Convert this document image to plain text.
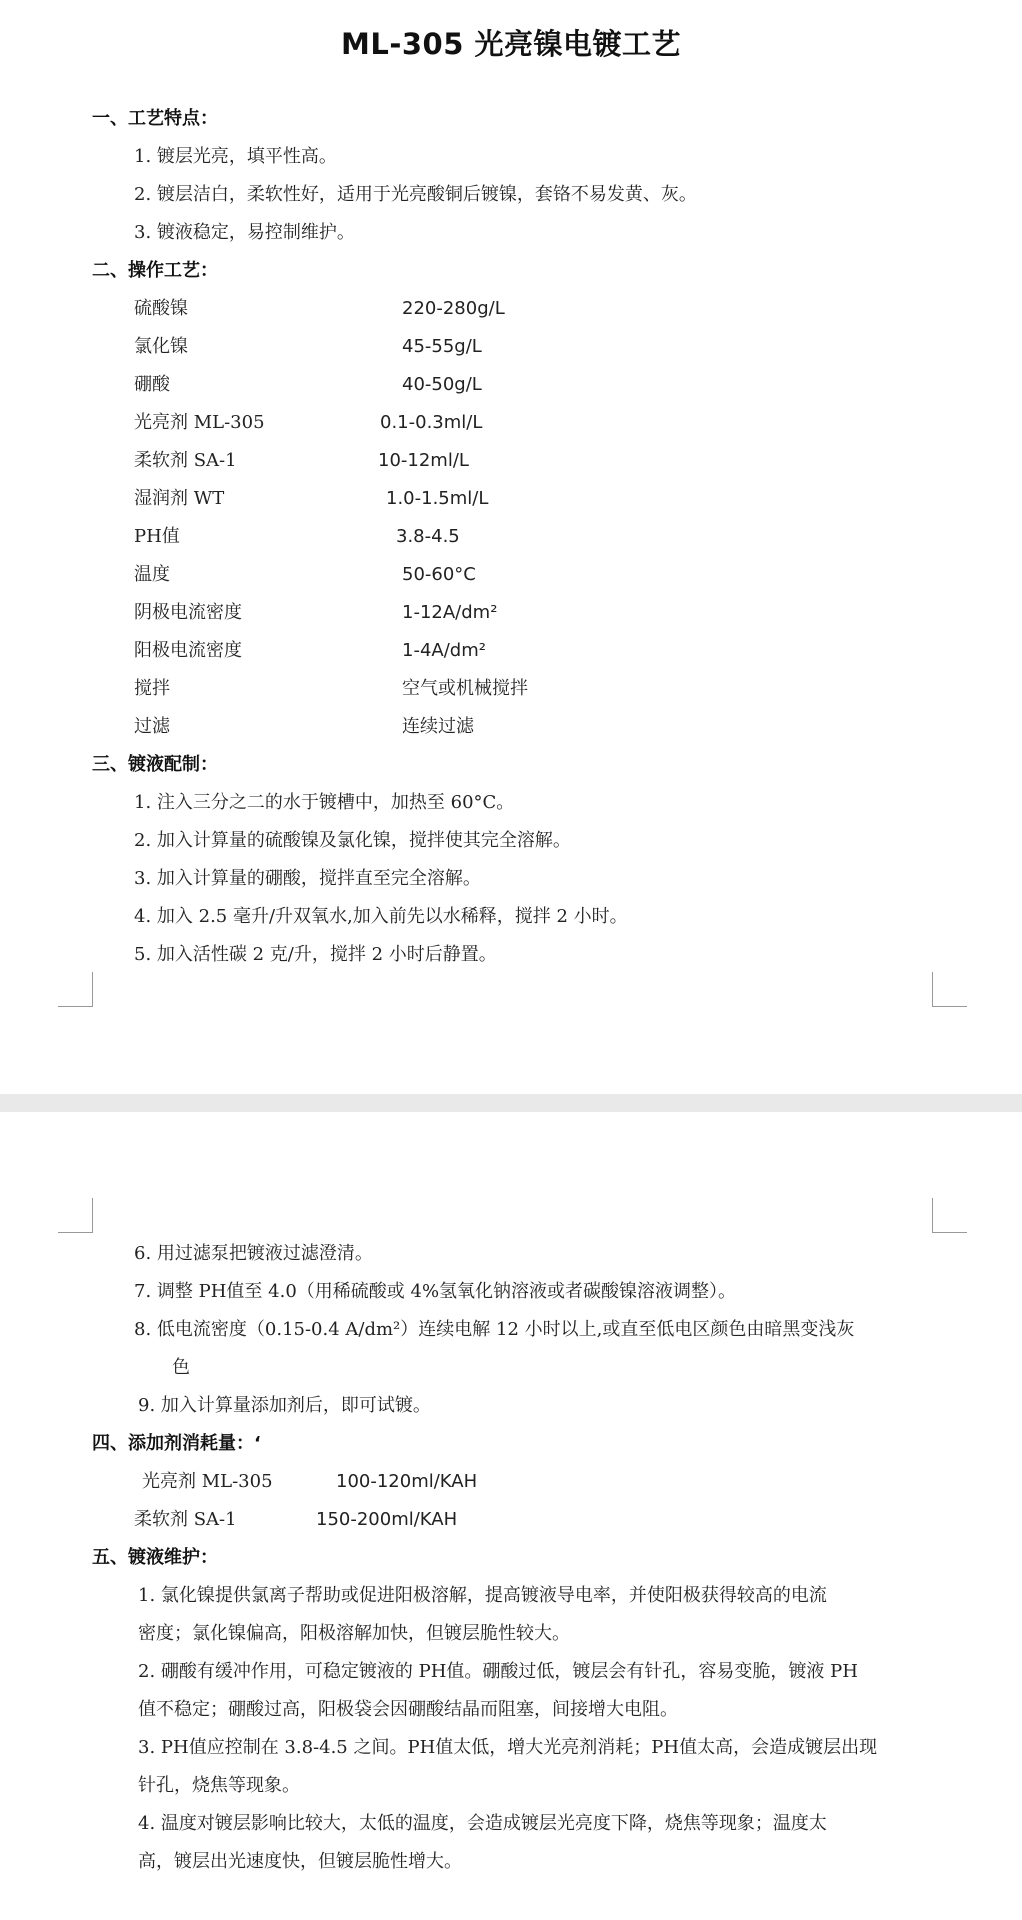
ML-305 光亮镍电镀工艺
一、工艺特点：
1. 镀层光亮，填平性高。
2. 镀层洁白，柔软性好，适用于光亮酸铜后镀镍，套铬不易发黄、灰。
3. 镀液稳定，易控制维护。
二、操作工艺：
硫酸镍	220-280g/L
氯化镍	45-55g/L
硼酸	40-50g/L
光亮剂 ML-305	0.1-0.3ml/L
柔软剂 SA-1	10-12ml/L
湿润剂 WT	1.0-1.5ml/L
PH值	3.8-4.5
温度	50-60°C
阴极电流密度	1-12A/dm²
阳极电流密度	1-4A/dm²
搅拌	空气或机械搅拌
过滤	连续过滤
三、镀液配制：
1. 注入三分之二的水于镀槽中，加热至 60°C。
2. 加入计算量的硫酸镍及氯化镍，搅拌使其完全溶解。
3. 加入计算量的硼酸，搅拌直至完全溶解。
4. 加入 2.5 毫升/升双氧水,加入前先以水稀释，搅拌 2 小时。
5. 加入活性碳 2 克/升，搅拌 2 小时后静置。
6. 用过滤泵把镀液过滤澄清。
7. 调整 PH值至 4.0（用稀硫酸或 4%氢氧化钠溶液或者碳酸镍溶液调整）。
8. 低电流密度（0.15-0.4 A/dm²）连续电解 12 小时以上,或直至低电区颜色由暗黑变浅灰
色
9. 加入计算量添加剂后，即可试镀。
四、添加剂消耗量：‘
光亮剂 ML-305	100-120ml/KAH
柔软剂 SA-1	150-200ml/KAH
五、镀液维护：
1. 氯化镍提供氯离子帮助或促进阳极溶解，提高镀液导电率，并使阳极获得较高的电流
密度；氯化镍偏高，阳极溶解加快，但镀层脆性较大。
2. 硼酸有缓冲作用，可稳定镀液的 PH值。硼酸过低，镀层会有针孔，容易变脆，镀液 PH
值不稳定；硼酸过高，阳极袋会因硼酸结晶而阻塞，间接增大电阻。
3. PH值应控制在 3.8-4.5 之间。PH值太低，增大光亮剂消耗；PH值太高，会造成镀层出现
针孔，烧焦等现象。
4. 温度对镀层影响比较大，太低的温度，会造成镀层光亮度下降，烧焦等现象；温度太
高，镀层出光速度快，但镀层脆性增大。
